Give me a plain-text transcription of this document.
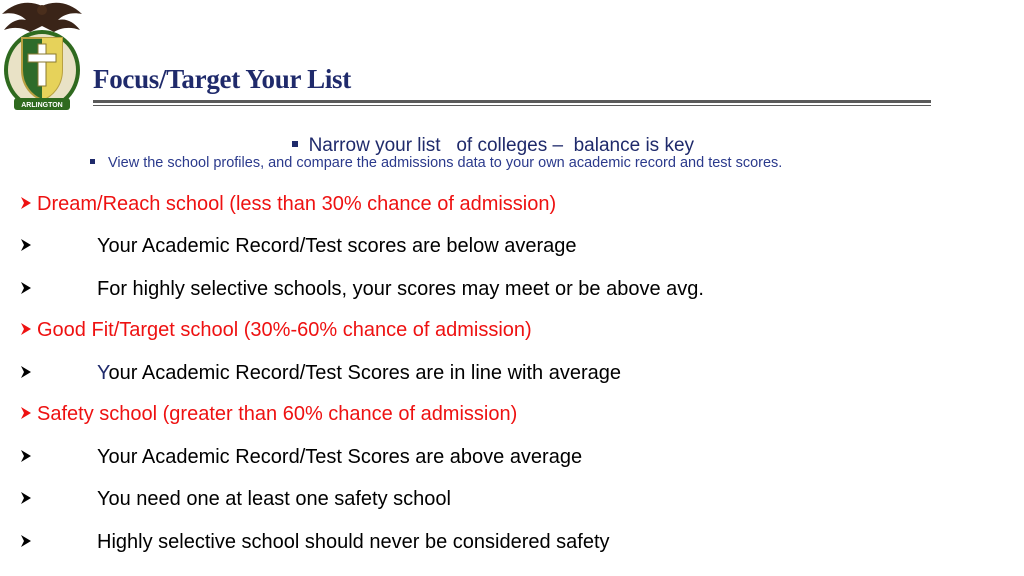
ARLINGTON
Focus/Target Your List

Narrow your list   of colleges –  balance is key

View the school profiles, and compare the admissions data to your own academic record and test scores.
Dream/Reach school (less than 30% chance of admission)
Your Academic Record/Test scores are below average
For highly selective schools, your scores may meet or be above avg.
Good Fit/Target school (30%-60% chance of admission)
Your Academic Record/Test Scores are in line with average
Safety school (greater than 60% chance of admission)
Your Academic Record/Test Scores are above average
You need one at least one safety school
Highly selective school should never be considered safety
